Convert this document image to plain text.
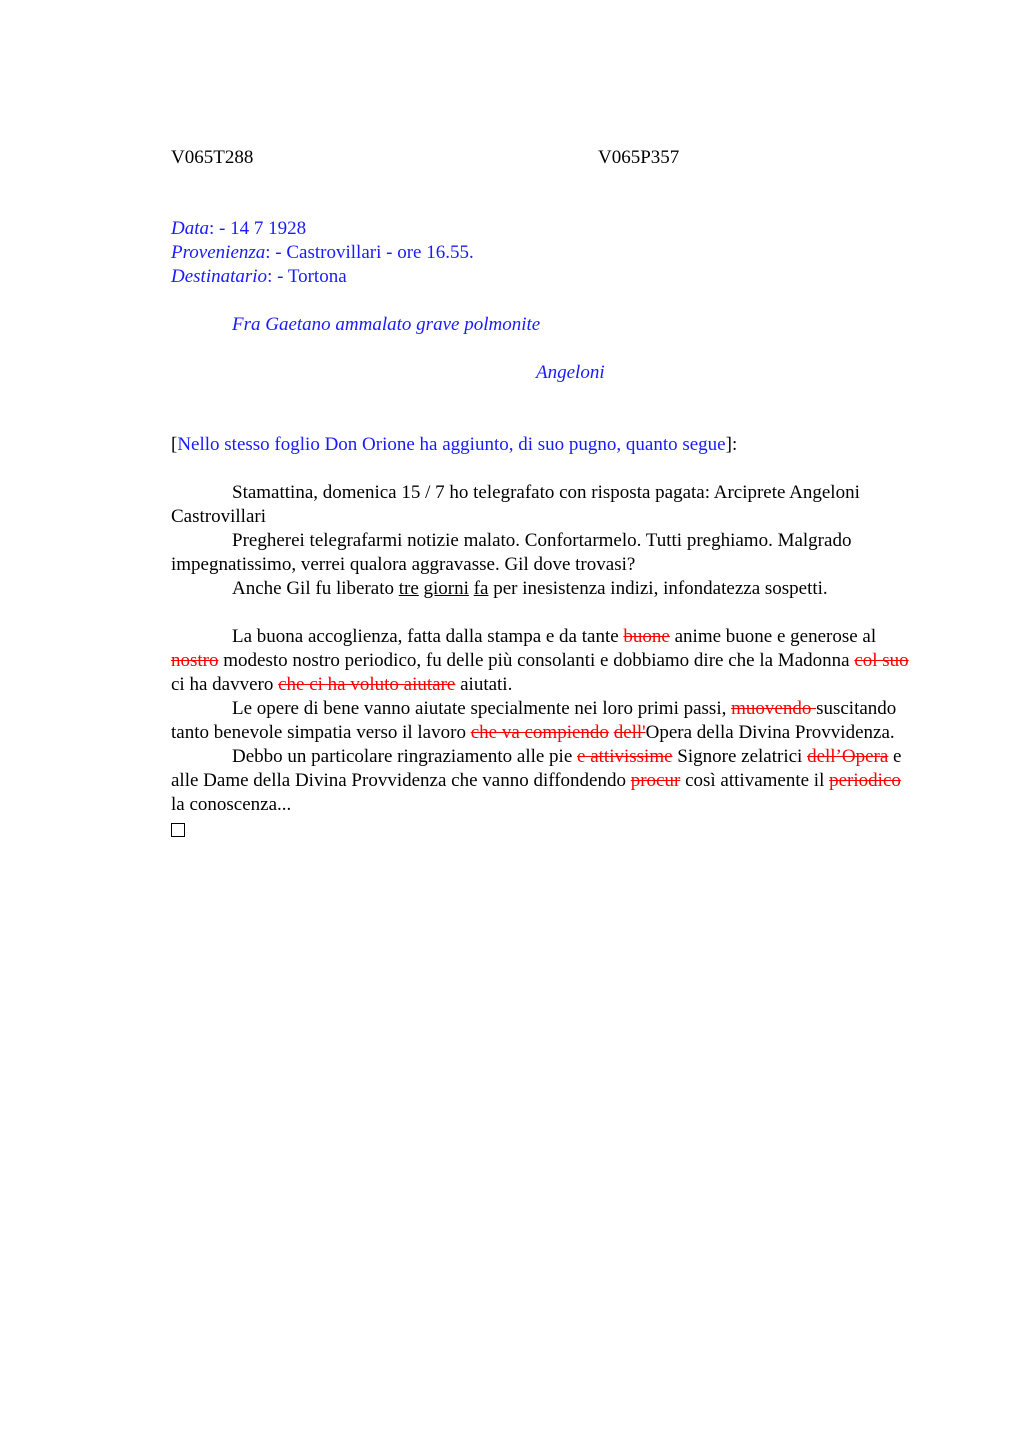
V065T288	V065P357

Data: - 14 7 1928

Provenienza: - Castrovillari - ore 16.55.

Destinatario: - Tortona

Fra Gaetano ammalato grave polmonite

Angeloni

[Nello stesso foglio Don Orione ha aggiunto, di suo pugno, quanto segue]:

Stamattina, domenica 15 / 7 ho telegrafato con risposta pagata: Arciprete Angeloni Castrovillari

Pregherei telegrafarmi notizie malato. Confortarmelo. Tutti preghiamo. Malgrado impegnatissimo, verrei qualora aggravasse. Gil dove trovasi?

Anche Gil fu liberato tre giorni fa per inesistenza indizi, infondatezza sospetti.

La buona accoglienza, fatta dalla stampa e da tante buone anime buone e generose al nostro modesto nostro periodico, fu delle più consolanti e dobbiamo dire che la Madonna col suo ci ha davvero che ci ha voluto aiutare aiutati.

Le opere di bene vanno aiutate specialmente nei loro primi passi, muovendo suscitando tanto benevole simpatia verso il lavoro che va compiendo dell'Opera della Divina Provvidenza.

Debbo un particolare ringraziamento alle pie e attivissime Signore zelatrici dell’Opera e alle Dame della Divina Provvidenza che vanno diffondendo procur così attivamente il periodico la conoscenza...
